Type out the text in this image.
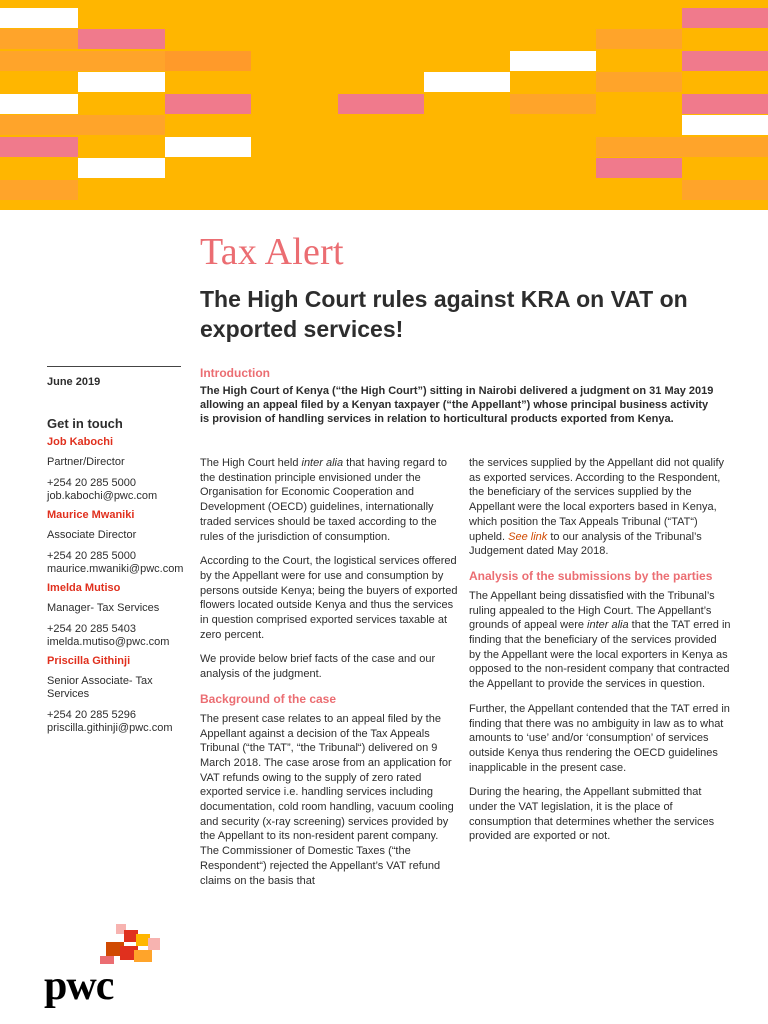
Tax Alert
The High Court rules against KRA on VAT on exported services!
June 2019
Get in touch
Job Kabochi
Partner/Director
+254 20 285 5000
job.kabochi@pwc.com
Maurice Mwaniki
Associate Director
+254 20 285 5000
maurice.mwaniki@pwc.com
Imelda Mutiso
Manager- Tax Services
+254 20 285 5403
imelda.mutiso@pwc.com
Priscilla Githinji
Senior Associate- Tax Services
+254 20 285 5296
priscilla.githinji@pwc.com
Introduction
The High Court of Kenya (“the High Court”) sitting in Nairobi delivered a judgment on 31 May 2019 allowing an appeal filed by a Kenyan taxpayer (“the Appellant”) whose principal business activity is provision of handling services in relation to horticultural products exported from Kenya.

The High Court held inter alia that having regard to the destination principle envisioned under the Organisation for Economic Cooperation and Development (OECD) guidelines, internationally traded services should be taxed according to the rules of the jurisdiction of consumption.

According to the Court, the logistical services offered by the Appellant were for use and consumption by persons outside Kenya; being the buyers of exported flowers located outside Kenya and thus the services in question comprised exported services taxable at zero percent.

We provide below brief facts of the case and our analysis of the judgment.

Background of the case

The present case relates to an appeal filed by the Appellant against a decision of the Tax Appeals Tribunal (“the TAT”, “the Tribunal“) delivered on 9 March 2018. The case arose from an application for VAT refunds owing to the supply of zero rated exported service i.e. handling services including documentation, cold room handling, vacuum cooling and security (x-ray screening) services provided by the Appellant to its non-resident parent company. The Commissioner of Domestic Taxes (“the Respondent“) rejected the Appellant’s VAT refund claims on the basis that

the services supplied by the Appellant did not qualify as exported services. According to the Respondent, the beneficiary of the services supplied by the Appellant were the local exporters based in Kenya, which position the Tax Appeals Tribunal (“TAT“) upheld. See link to our analysis of the Tribunal’s Judgement dated May 2018.

Analysis of the submissions by the parties

The Appellant being dissatisfied with the Tribunal’s ruling appealed to the High Court. The Appellant’s grounds of appeal were inter alia that the TAT erred in finding that the beneficiary of the services provided by the Appellant were the local exporters in Kenya as opposed to the non-resident company that contracted the Appellant to provide the services in question.

Further, the Appellant contended that the TAT erred in finding that there was no ambiguity in law as to what amounts to ‘use’ and/or ‘consumption’ of services outside Kenya thus rendering the OECD guidelines inapplicable in the present case.

During the hearing, the Appellant submitted that under the VAT legislation, it is the place of consumption that determines whether the services provided are exported or not.

pwc
